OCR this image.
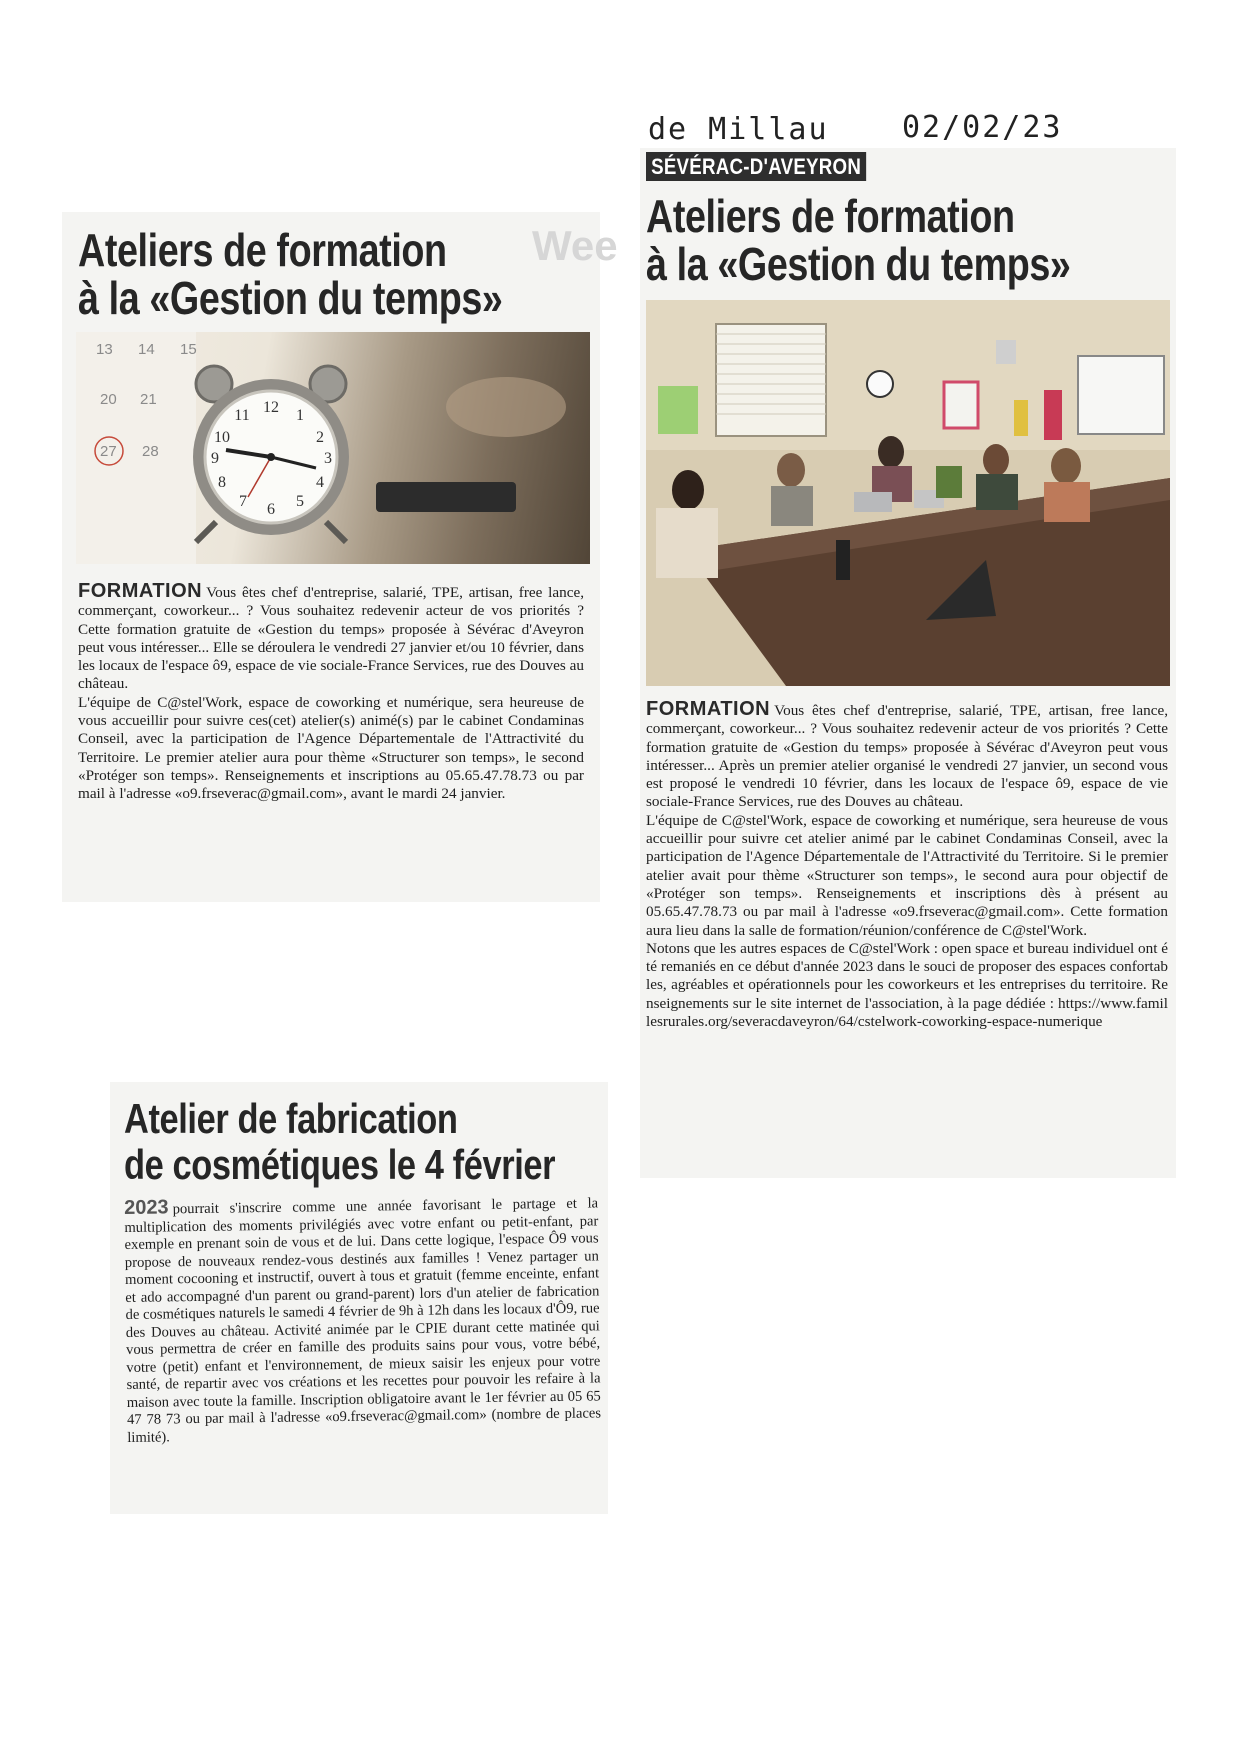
de Millau 02/02/23
Wee
Ateliers de formation
à la «Gestion du temps»
13 14 15
20 21
27 28
12 1
2
3
4
5
6
7
8
9
10
11

FORMATION Vous êtes chef d'entreprise, salarié, TPE, artisan, free lance, commerçant, coworkeur... ? Vous souhaitez redevenir acteur de vos priorités ? Cette formation gratuite de «Gestion du temps» proposée à Sévérac d'Aveyron peut vous intéresser... Elle se déroulera le vendredi 27 janvier et/ou 10 février, dans les locaux de l'espace ô9, espace de vie sociale-France Services, rue des Douves au château.

L'équipe de C@stel'Work, espace de coworking et numérique, sera heureuse de vous accueillir pour suivre ces(cet) atelier(s) animé(s) par le cabinet Condaminas Conseil, avec la participation de l'Agence Départementale de l'Attractivité du Territoire. Le premier atelier aura pour thème «Structurer son temps», le second «Protéger son temps». Renseignements et inscriptions au 05.65.47.78.73 ou par mail à l'adresse «o9.frseverac@gmail.com», avant le mardi 24 janvier.

SÉVÉRAC-D'AVEYRON
Ateliers de formation
à la «Gestion du temps»

FORMATION Vous êtes chef d'entreprise, salarié, TPE, artisan, free lance, commerçant, coworkeur... ? Vous souhaitez redevenir acteur de vos priorités ? Cette formation gratuite de «Gestion du temps» proposée à Sévérac d'Aveyron peut vous intéresser... Après un premier atelier organisé le vendredi 27 janvier, un second vous est proposé le vendredi 10 février, dans les locaux de l'espace ô9, espace de vie sociale-France Services, rue des Douves au château.

L'équipe de C@stel'Work, espace de coworking et numérique, sera heureuse de vous accueillir pour suivre cet atelier animé par le cabinet Condaminas Conseil, avec la participation de l'Agence Départementale de l'Attractivité du Territoire. Si le premier atelier avait pour thème «Structurer son temps», le second aura pour objectif de «Protéger son temps». Renseignements et inscriptions dès à présent au 05.65.47.78.73 ou par mail à l'adresse «o9.frseverac@gmail.com». Cette formation aura lieu dans la salle de formation/réunion/conférence de C@stel'Work.

Notons que les autres espaces de C@stel'Work : open space et bureau individuel ont été remaniés en ce début d'année 2023 dans le souci de proposer des espaces confortables, agréables et opérationnels pour les coworkeurs et les entreprises du territoire. Renseignements sur le site internet de l'association, à la page dédiée : https://www.famillesrurales.org/severacdaveyron/64/cstelwork-coworking-espace-numerique

Atelier de fabrication
de cosmétiques le 4 février

2023 pourrait s'inscrire comme une année favorisant le partage et la multiplication des moments privilégiés avec votre enfant ou petit-enfant, par exemple en prenant soin de vous et de lui. Dans cette logique, l'espace Ô9 vous propose de nouveaux rendez-vous destinés aux familles ! Venez partager un moment cocooning et instructif, ouvert à tous et gratuit (femme enceinte, enfant et ado accompagné d'un parent ou grand-parent) lors d'un atelier de fabrication de cosmétiques naturels le samedi 4 février de 9h à 12h dans les locaux d'Ô9, rue des Douves au château. Activité animée par le CPIE durant cette matinée qui vous permettra de créer en famille des produits sains pour vous, votre bébé, votre (petit) enfant et l'environnement, de mieux saisir les enjeux pour votre santé, de repartir avec vos créations et les recettes pour pouvoir les refaire à la maison avec toute la famille. Inscription obligatoire avant le 1er février au 05 65 47 78 73 ou par mail à l'adresse «o9.frseverac@gmail.com» (nombre de places limité).
